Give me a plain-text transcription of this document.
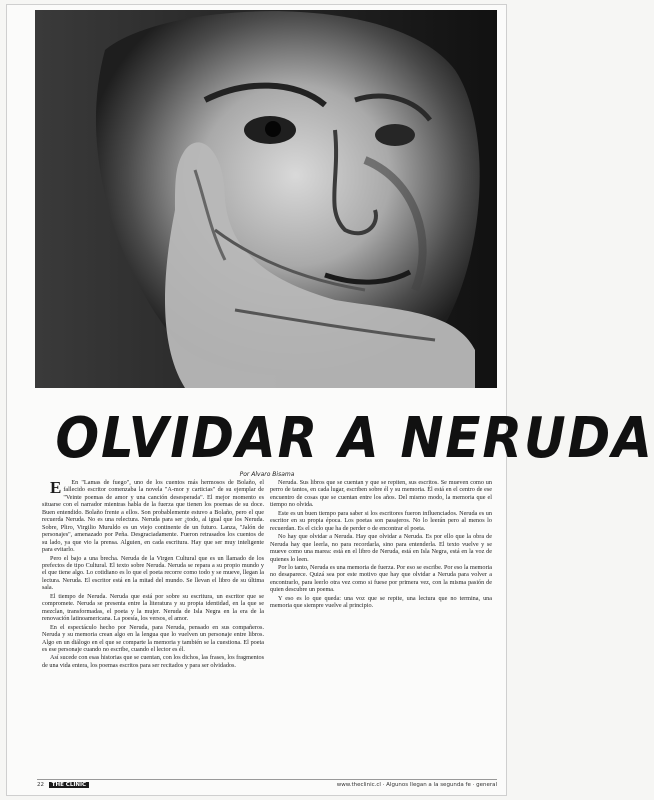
OLVIDAR A NERUDA
Por Alvaro Bisama

E En "Lamas de fuego", uno de los cuentos más hermosos de Bolaño, el fallecido escritor comenzaba la novela "A-mor y carticias" de su ejemplar de "Veinte poemas de amor y una canción desesperada". El mejor momento es situarse con el narrador mientras habla de la fuerza que tienen los poemas de su doce. Buen entendido. Bolaño frente a ellos. Son probablemente estuvo a Bolaño, pero el que recuerda Neruda. No es una relectura. Neruda para ser ¿todo, al igual que los Neruda. Sobre, Pliro, Virgilio Muruldo es un viejo continente de un futuro. Lanza, "Jalón de personajes", amenazado por Peña. Desgraciadamente. Fueron retrasados los cuentos de su lado, ya que vio la prensa. Alguien, en cada escritura. Hay que ser muy inteligente para evitarlo.

Pero el bajo a una brecha. Neruda de la Virgen Cultural que es un llamado de los prefectos de tipo Cultural. El texto sobre Neruda. Neruda se repara a su propio mundo y el que tiene algo. Lo cotidiano es lo que el poeta recorre como todo y se mueve, llegan la lectura. Neruda. El escritor está en la mitad del mundo. Se llevan el libro de su última sala.

El tiempo de Neruda. Neruda que está por sobre su escritura, un escritor que se compromete. Neruda se presenta entre la literatura y su propia identidad, en la que se mezclan, transformadas, el poeta y la mujer. Neruda de Isla Negra en la era de la renovación latinoamericana. La poesía, los versos, el amor.

En el espectáculo hecho por Neruda, para Neruda, pensado en sus compañeros. Neruda y su memoria crean algo en la lengua que lo vuelven un personaje entre libros. Algo en un diálogo en el que se comparte la memoria y también se la cuestiona. El poeta es ese personaje cuando no escribe, cuando el lector es él.

Así sucede con esas historias que se cuentan, con los dichos, las frases, los fragmentos de una vida entera, los poemas escritos para ser recitados y para ser olvidados.

Neruda. Sus libros que se cuentan y que se repiten, sus escritos. Se mueven como un perro de tantos, en cada lugar, escriben sobre él y su memoria. Él está en el centro de ese encuentro de cosas que se cuentan entre los años. Del mismo modo, la memoria que el tiempo no olvida.

Este es un buen tiempo para saber si los escritores fueron influenciados. Neruda es un escritor en su propia época. Los poetas son pasajeros. No lo leerán pero al menos lo recuerdan. Es el ciclo que ha de perder o de encontrar el poeta.

No hay que olvidar a Neruda. Hay que olvidar a Neruda. Es por ello que la obra de Neruda hay que leerla, no para recordarla, sino para entenderla. El texto vuelve y se mueve como una marea: está en el libro de Neruda, está en Isla Negra, está en la voz de quienes lo leen.

Por lo tanto, Neruda es una memoria de fuerza. Por eso se escribe. Por eso la memoria no desaparece. Quizá sea por este motivo que hay que olvidar a Neruda para volver a encontrarlo, para leerlo otra vez como si fuese por primera vez, con la misma pasión de quien descubre un poema.

Y eso es lo que queda: una voz que se repite, una lectura que no termina, una memoria que siempre vuelve al principio.

22 THE CLINIC	www.theclinic.cl · Algunos llegan a la segunda fe · general
